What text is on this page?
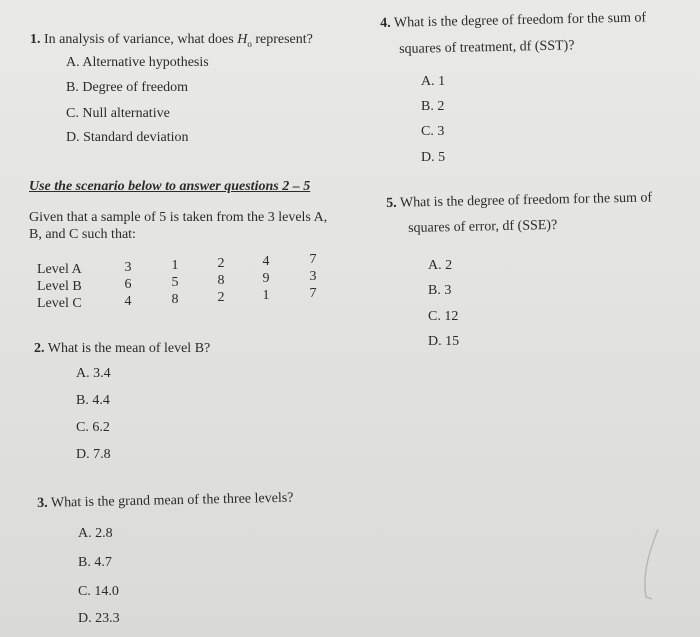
1. In analysis of variance, what does $H_o$ represent?
A. Alternative hypothesis
B. Degree of freedom
C. Null alternative
D. Standard deviation
Use the scenario below to answer questions 2 – 5
Given that a sample of 5 is taken from the 3 levels A,
B, and C such that:
Level A	3	1	2	4	7
Level B	6	5	8	9	3
Level C	4	8	2	1	7
2. What is the mean of level B?
A. 3.4
B. 4.4
C. 6.2
D. 7.8
3. What is the grand mean of the three levels?
A. 2.8
B. 4.7
C. 14.0
D. 23.3
4. What is the degree of freedom for the sum of
squares of treatment, df (SST)?
A. 1
B. 2
C. 3
D. 5
5. What is the degree of freedom for the sum of
squares of error, df (SSE)?
A. 2
B. 3
C. 12
D. 15
